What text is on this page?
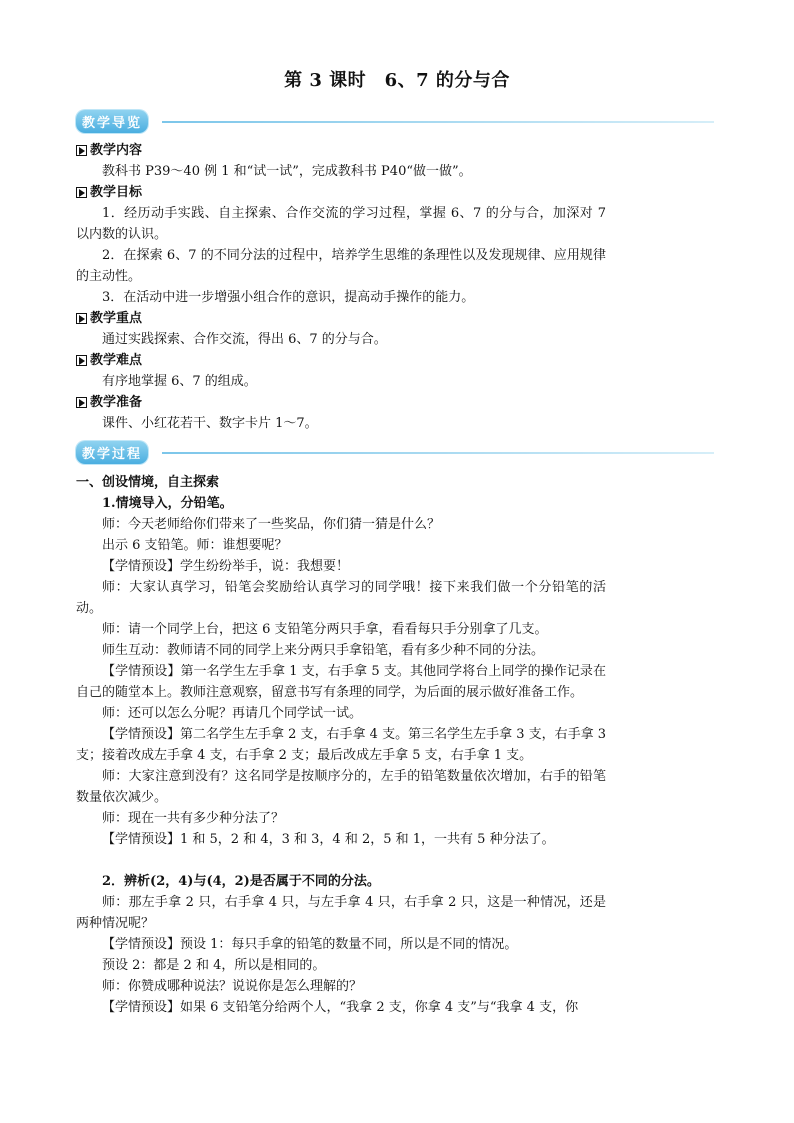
第 3 课时　6、7 的分与合
教学导览
教学内容

教科书 P39～40 例 1 和“试一试”，完成教科书 P40“做一做”。

教学目标

1．经历动手实践、自主探索、合作交流的学习过程，掌握 6、7 的分与合，加深对 7 以内数的认识。

2．在探索 6、7 的不同分法的过程中，培养学生思维的条理性以及发现规律、应用规律的主动性。

3．在活动中进一步增强小组合作的意识，提高动手操作的能力。

教学重点

通过实践探索、合作交流，得出 6、7 的分与合。

教学难点

有序地掌握 6、7 的组成。

教学准备

课件、小红花若干、数字卡片 1～7。

教学过程

一、创设情境，自主探索

1.情境导入，分铅笔。

师：今天老师给你们带来了一些奖品，你们猜一猜是什么？

出示 6 支铅笔。师：谁想要呢？

【学情预设】学生纷纷举手，说：我想要！

师：大家认真学习，铅笔会奖励给认真学习的同学哦！接下来我们做一个分铅笔的活动。

师：请一个同学上台，把这 6 支铅笔分两只手拿，看看每只手分别拿了几支。

师生互动：教师请不同的同学上来分两只手拿铅笔，看有多少种不同的分法。

【学情预设】第一名学生左手拿 1 支，右手拿 5 支。其他同学将台上同学的操作记录在自己的随堂本上。教师注意观察，留意书写有条理的同学，为后面的展示做好准备工作。

师：还可以怎么分呢？再请几个同学试一试。

【学情预设】第二名学生左手拿 2 支，右手拿 4 支。第三名学生左手拿 3 支，右手拿 3 支；接着改成左手拿 4 支，右手拿 2 支；最后改成左手拿 5 支，右手拿 1 支。

师：大家注意到没有？这名同学是按顺序分的，左手的铅笔数量依次增加，右手的铅笔数量依次减少。

师：现在一共有多少种分法了？

【学情预设】1 和 5，2 和 4，3 和 3，4 和 2，5 和 1，一共有 5 种分法了。

2．辨析(2，4)与(4，2)是否属于不同的分法。

师：那左手拿 2 只，右手拿 4 只，与左手拿 4 只，右手拿 2 只，这是一种情况，还是两种情况呢？

【学情预设】预设 1：每只手拿的铅笔的数量不同，所以是不同的情况。

预设 2：都是 2 和 4，所以是相同的。

师：你赞成哪种说法？说说你是怎么理解的？

【学情预设】如果 6 支铅笔分给两个人，“我拿 2 支，你拿 4 支”与“我拿 4 支，你
